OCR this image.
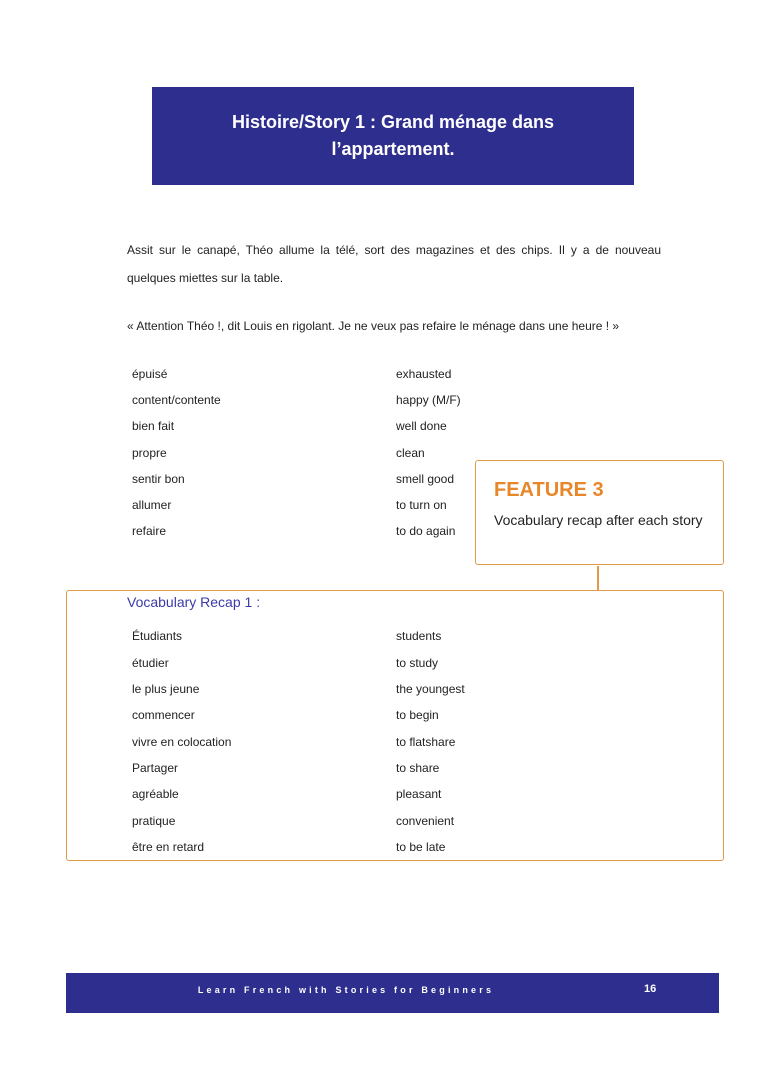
Histoire/Story 1 : Grand ménage dans
l’appartement.
Assit sur le canapé, Théo allume la télé, sort des magazines et des chips. Il y a de nouveau quelques miettes sur la table.
« Attention Théo !, dit Louis en rigolant. Je ne veux pas refaire le ménage dans une heure ! »
épuisé	exhausted
content/contente	happy (M/F)
bien fait	well done
propre	clean
sentir bon	smell good
allumer	to turn on
refaire	to do again
FEATURE 3
Vocabulary recap after each story
Vocabulary Recap 1 :
Étudiants	students
étudier	to study
le plus jeune	the youngest
commencer	to begin
vivre en colocation	to flatshare
Partager	to share
agréable	pleasant
pratique	convenient
être en retard	to be late
Learn French with Stories for Beginners	16
